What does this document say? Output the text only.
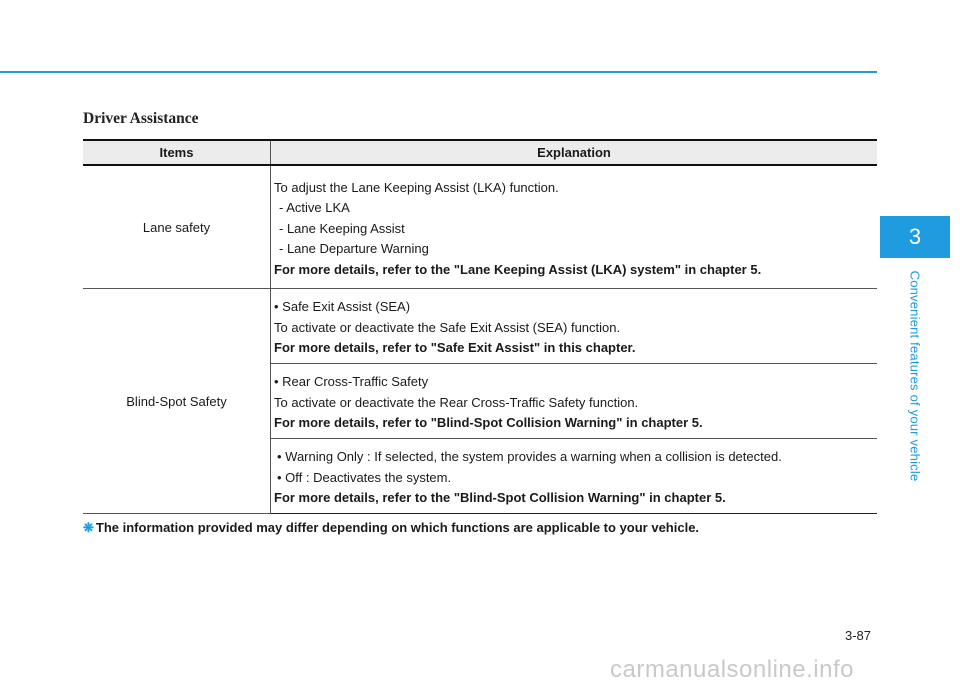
Driver Assistance
Items	Explanation
Lane safety	To adjust the Lane Keeping Assist (LKA) function.
- Active LKA
- Lane Keeping Assist
- Lane Departure Warning
For more details, refer to the "Lane Keeping Assist (LKA) system" in chapter 5.

Blind-Spot Safety	• Safe Exit Assist (SEA)
To activate or deactivate the Safe Exit Assist (SEA) function.
For more details, refer to "Safe Exit Assist" in this chapter.

	• Rear Cross-Traffic Safety
To activate or deactivate the Rear Cross-Traffic Safety function.
For more details, refer to "Blind-Spot Collision Warning" in chapter 5.

	• Warning Only : If selected, the system provides a warning when a collision is detected.
• Off : Deactivates the system.
For more details, refer to the "Blind-Spot Collision Warning" in chapter 5.
❋ The information provided may differ depending on which functions are applicable to your vehicle.
3-87
3
Convenient features of your vehicle
carmanualsonline.info
